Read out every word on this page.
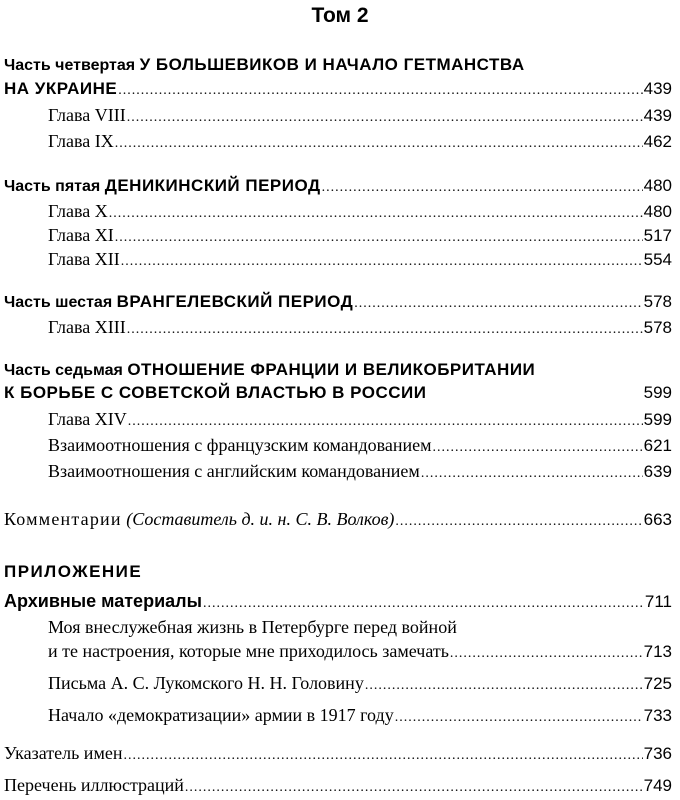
Том 2
Часть четвертая У БОЛЬШЕВИКОВ И НАЧАЛО ГЕТМАНСТВА
НА УКРАИНЕ .....	439
Глава VIII .....	439
Глава IX .....	462
Часть пятая ДЕНИКИНСКИЙ ПЕРИОД .....	480
Глава X .....	480
Глава XI .....	517
Глава XII .....	554
Часть шестая ВРАНГЕЛЕВСКИЙ ПЕРИОД .....	578
Глава XIII .....	578
Часть седьмая ОТНОШЕНИЕ ФРАНЦИИ И ВЕЛИКОБРИТАНИИ
К БОРЬБЕ С СОВЕТСКОЙ ВЛАСТЬЮ В РОССИИ	599
Глава XIV .....	599
Взаимоотношения с французским командованием .....	621
Взаимоотношения с английским командованием .....	639
Комментарии (Составитель д. и. н. С. В. Волков) .....	663
ПРИЛОЖЕНИЕ
Архивные материалы .....	711
Моя внеслужебная жизнь в Петербурге перед войной
и те настроения, которые мне приходилось замечать .....	713
Письма А. С. Лукомского Н. Н. Головину .....	725
Начало «демократизации» армии в 1917 году .....	733
Указатель имен .....	736
Перечень иллюстраций .....	749
